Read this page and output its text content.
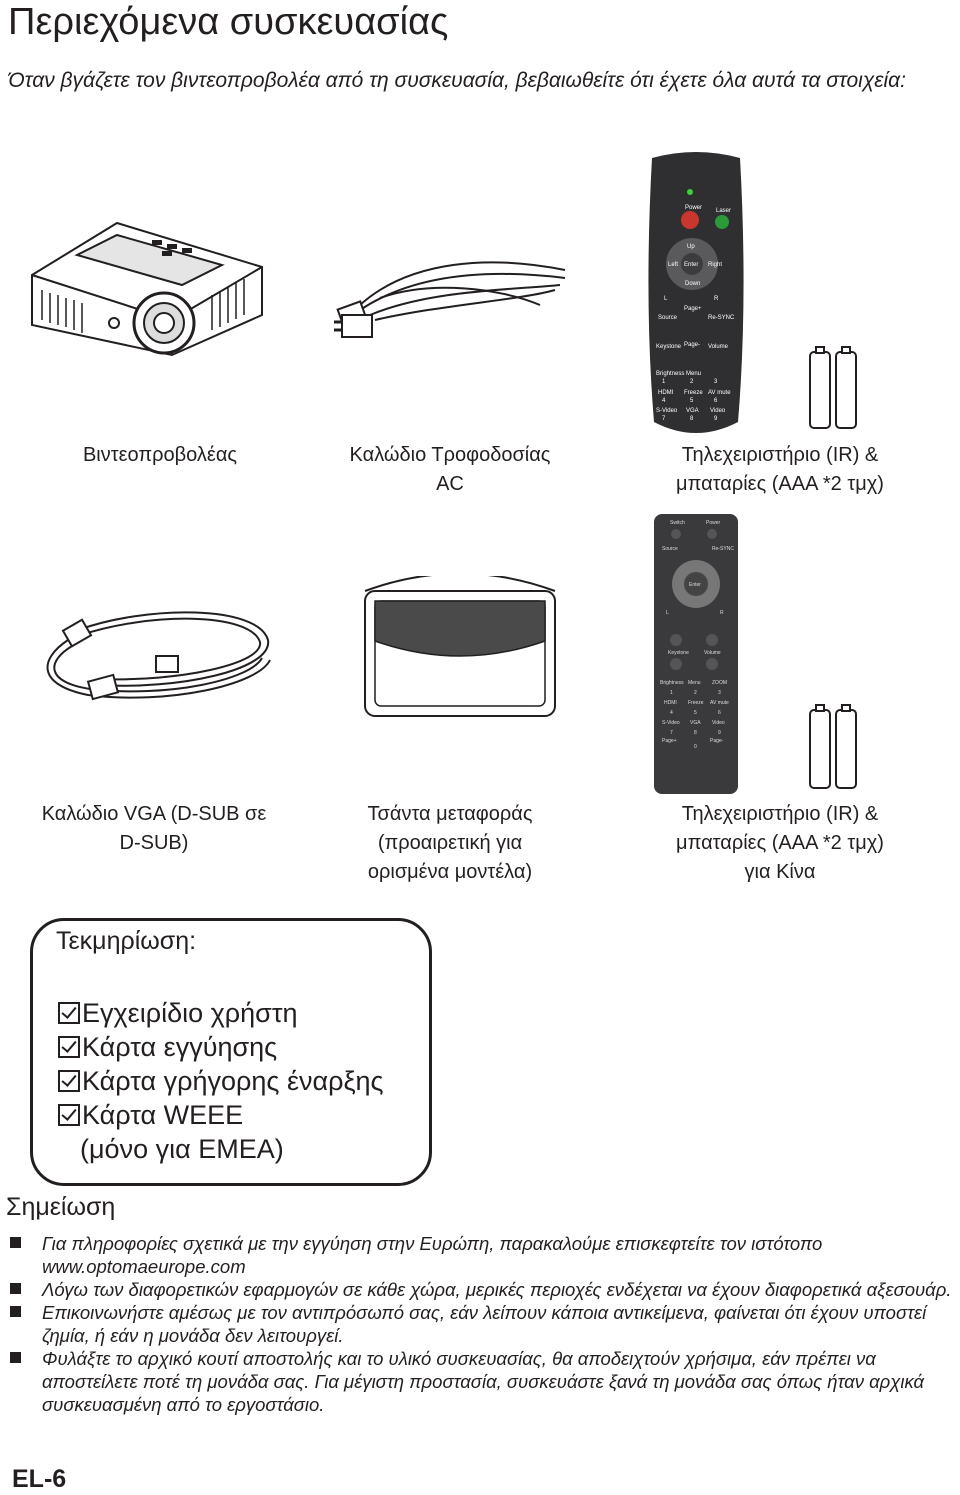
Περιεχόμενα συσκευασίας
Όταν βγάζετε τον βιντεοπροβολέα από τη συσκευασία, βεβαιωθείτε ότι έχετε όλα αυτά τα στοιχεία:
Power Laser
Up
Enter
Left	Right
Down
L	R
Page+
Source	Re-SYNC
Keystone Page- Volume
Brightness Menu
1	2	3
HDMI Freeze AV mute
4	5	6
S-Video VGA Video
7	8	9
Βιντεοπροβολέας	Καλώδιο Τροφοδοσίας
AC
Τηλεχειριστήριο (IR) &
μπαταρίες (AAA *2 τμχ)
Switch	Power
Source	Re-SYNC
Enter
L	R
Keystone	Volume
Brightness Menu ZOOM
1	2	3
HDMI Freeze AV mute
4	5	6
S-Video VGA Video
7	8	9
Page+	Page-
0
Καλώδιο VGA (D-SUB σε
D-SUB)
Τσάντα μεταφοράς
(προαιρετική για
ορισμένα μοντέλα)
Τηλεχειριστήριο (IR) &
μπαταρίες (AAA *2 τμχ)
για Κίνα
Τεκμηρίωση:
Εγχειρίδιο χρήστη
Κάρτα εγγύησης
Κάρτα γρήγορης έναρξης
Κάρτα WEEE
(μόνο για EMEA)
Σημείωση
Για πληροφορίες σχετικά με την εγγύηση στην Ευρώπη, παρακαλούμε επισκεφτείτε τον ιστότοπο www.optomaeurope.com
Λόγω των διαφορετικών εφαρμογών σε κάθε χώρα, μερικές περιοχές ενδέχεται να έχουν διαφορετικά αξεσουάρ.
Επικοινωνήστε αμέσως με τον αντιπρόσωπό σας, εάν λείπουν κάποια αντικείμενα, φαίνεται ότι έχουν υποστεί ζημία, ή εάν η μονάδα δεν λειτουργεί.
Φυλάξτε το αρχικό κουτί αποστολής και το υλικό συσκευασίας, θα αποδειχτούν χρήσιμα, εάν πρέπει να αποστείλετε ποτέ τη μονάδα σας. Για μέγιστη προστασία, συσκευάστε ξανά τη μονάδα σας όπως ήταν αρχικά συσκευασμένη από το εργοστάσιο.
EL-6
